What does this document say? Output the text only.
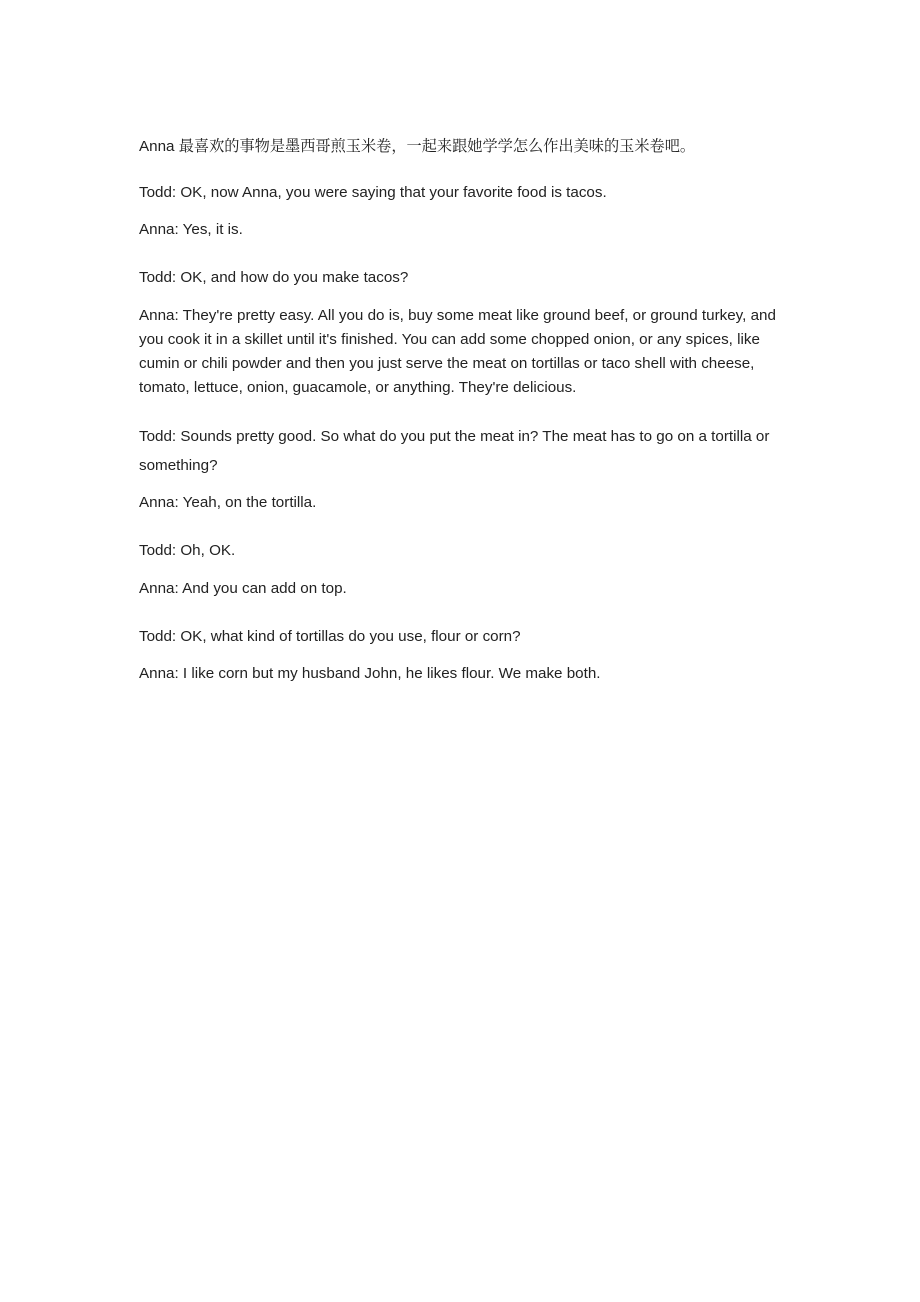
Anna 最喜欢的事物是墨西哥煎玉米卷，一起来跟她学学怎么作出美味的玉米卷吧。

Todd: OK, now Anna, you were saying that your favorite food is tacos.

Anna: Yes, it is.

Todd: OK, and how do you make tacos?

Anna: They're pretty easy. All you do is, buy some meat like ground beef, or ground turkey, and you cook it in a skillet until it's finished. You can add some chopped onion, or any spices, like cumin or chili powder and then you just serve the meat on tortillas or taco shell with cheese, tomato, lettuce, onion, guacamole, or anything. They're delicious.

Todd: Sounds pretty good. So what do you put the meat in? The meat has to go on a tortilla or something?

Anna: Yeah, on the tortilla.

Todd: Oh, OK.

Anna: And you can add on top.

Todd: OK, what kind of tortillas do you use, flour or corn?

Anna: I like corn but my husband John, he likes flour. We make both.
